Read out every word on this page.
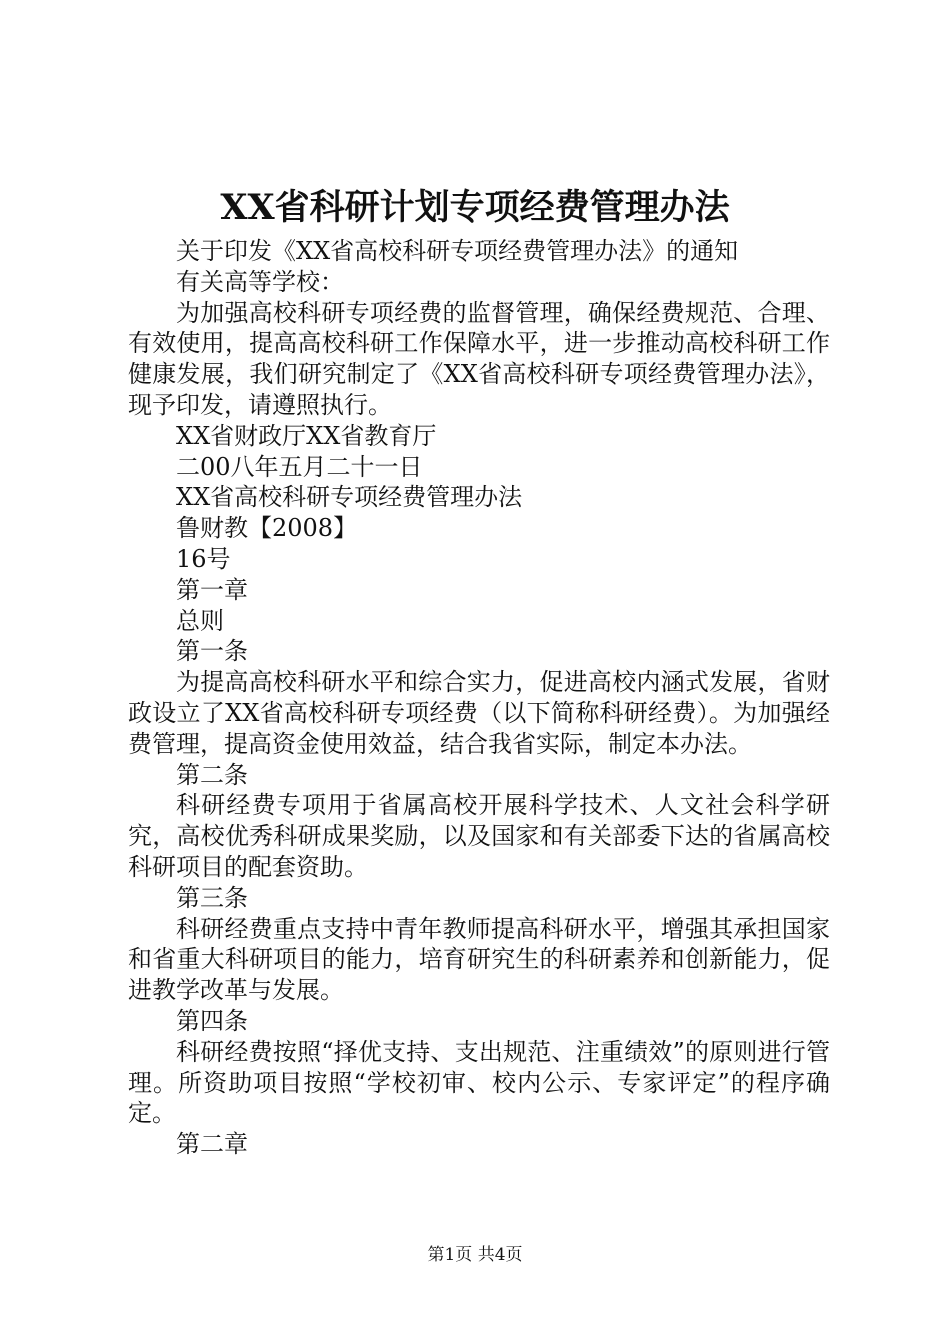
XX省科研计划专项经费管理办法

关于印发《XX省高校科研专项经费管理办法》的通知

有关高等学校：

为加强高校科研专项经费的监督管理，确保经费规范、合理、有效使用，提高高校科研工作保障水平，进一步推动高校科研工作健康发展，我们研究制定了《XX省高校科研专项经费管理办法》，现予印发，请遵照执行。

XX省财政厅XX省教育厅

二00八年五月二十一日

XX省高校科研专项经费管理办法

鲁财教【2008】

16号

第一章

总则

第一条

为提高高校科研水平和综合实力，促进高校内涵式发展，省财政设立了XX省高校科研专项经费（以下简称科研经费）。为加强经费管理，提高资金使用效益，结合我省实际，制定本办法。

第二条

科研经费专项用于省属高校开展科学技术、人文社会科学研究，高校优秀科研成果奖励，以及国家和有关部委下达的省属高校科研项目的配套资助。

第三条

科研经费重点支持中青年教师提高科研水平，增强其承担国家和省重大科研项目的能力，培育研究生的科研素养和创新能力，促进教学改革与发展。

第四条

科研经费按照“择优支持、支出规范、注重绩效”的原则进行管理。所资助项目按照“学校初审、校内公示、专家评定”的程序确定。

第二章

第1页 共4页
